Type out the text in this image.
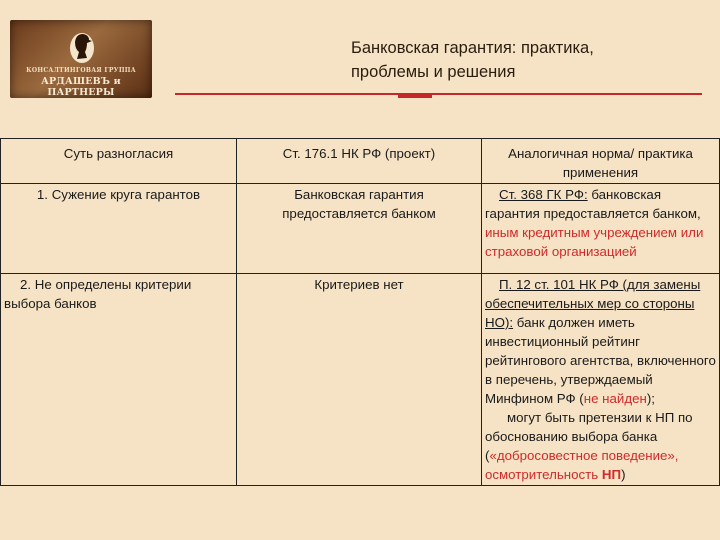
КОНСАЛТИНГОВАЯ ГРУППА
АРДАШЕВЪ и ПАРТНЕРЫ
Банковская гарантия: практика,
проблемы и решения
Суть разногласия	Ст. 176.1 НК РФ (проект)	Аналогичная норма/ практика применения
1. Сужение круга гарантов	Банковская гарантия предоставляется банком	Ст. 368 ГК РФ: банковская гарантия предоставляется банком, иным кредитным учреждением или страховой организацией
2. Не определены критерии выбора банков	Критериев нет	П. 12 ст. 101 НК РФ (для замены обеспечительных мер со стороны НО): банк должен иметь инвестиционный рейтинг рейтингового агентства, включенного в перечень, утверждаемый Минфином РФ (не найден);
могут быть претензии к НП по обоснованию выбора банка («добросовестное поведение», осмотрительность НП)
